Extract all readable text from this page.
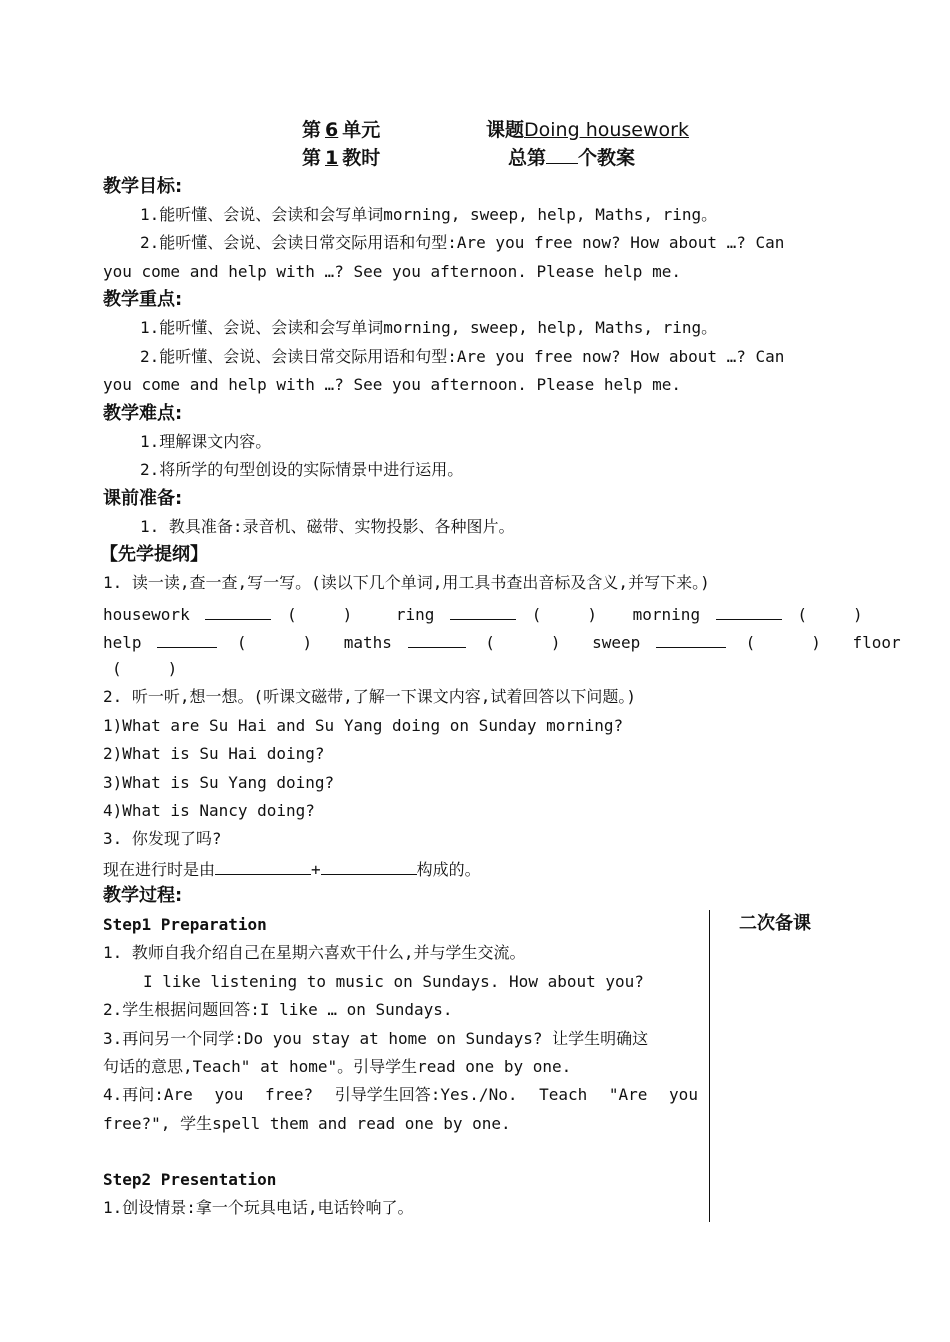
第 6 单元	课题Doing housework
第 1 教时	总第 个教案
教学目标:
1.能听懂、会说、会读和会写单词morning, sweep, help, Maths, ring。
2.能听懂、会说、会读日常交际用语和句型:Are you free now? How about …? Can
you come and help with …? See you afternoon. Please help me.
教学重点:
1.能听懂、会说、会读和会写单词morning, sweep, help, Maths, ring。
2.能听懂、会说、会读日常交际用语和句型:Are you free now? How about …? Can
you come and help with …? See you afternoon. Please help me.
教学难点:
1.理解课文内容。
2.将所学的句型创设的实际情景中进行运用。
课前准备:
1. 教具准备:录音机、磁带、实物投影、各种图片。
【先学提纲】
1. 读一读,查一查,写一写。(读以下几个单词,用工具书查出音标及含义,并写下来。)
housework	(	)	ring	(	) morning	(	)
help	(	) maths	(	) sweep	(	) floor
(	)
2. 听一听,想一想。(听课文磁带,了解一下课文内容,试着回答以下问题。)
1)What are Su Hai and Su Yang doing on Sunday morning?
2)What is Su Hai doing?
3)What is Su Yang doing?
4)What is Nancy doing?
3. 你发现了吗?
现在进行时是由	+	构成的。
教学过程:
二次备课
Step1 Preparation
1. 教师自我介绍自己在星期六喜欢干什么,并与学生交流。
I like listening to music on Sundays. How about you?
2.学生根据问题回答:I like … on Sundays.
3.再问另一个同学:Do you stay at home on Sundays? 让学生明确这
句话的意思,Teach" at home"。引导学生read one by one.
4.再问:Are you free? 引导学生回答:Yes./No. Teach "Are you
free?", 学生spell them and read one by one.
Step2 Presentation
1.创设情景:拿一个玩具电话,电话铃响了。
